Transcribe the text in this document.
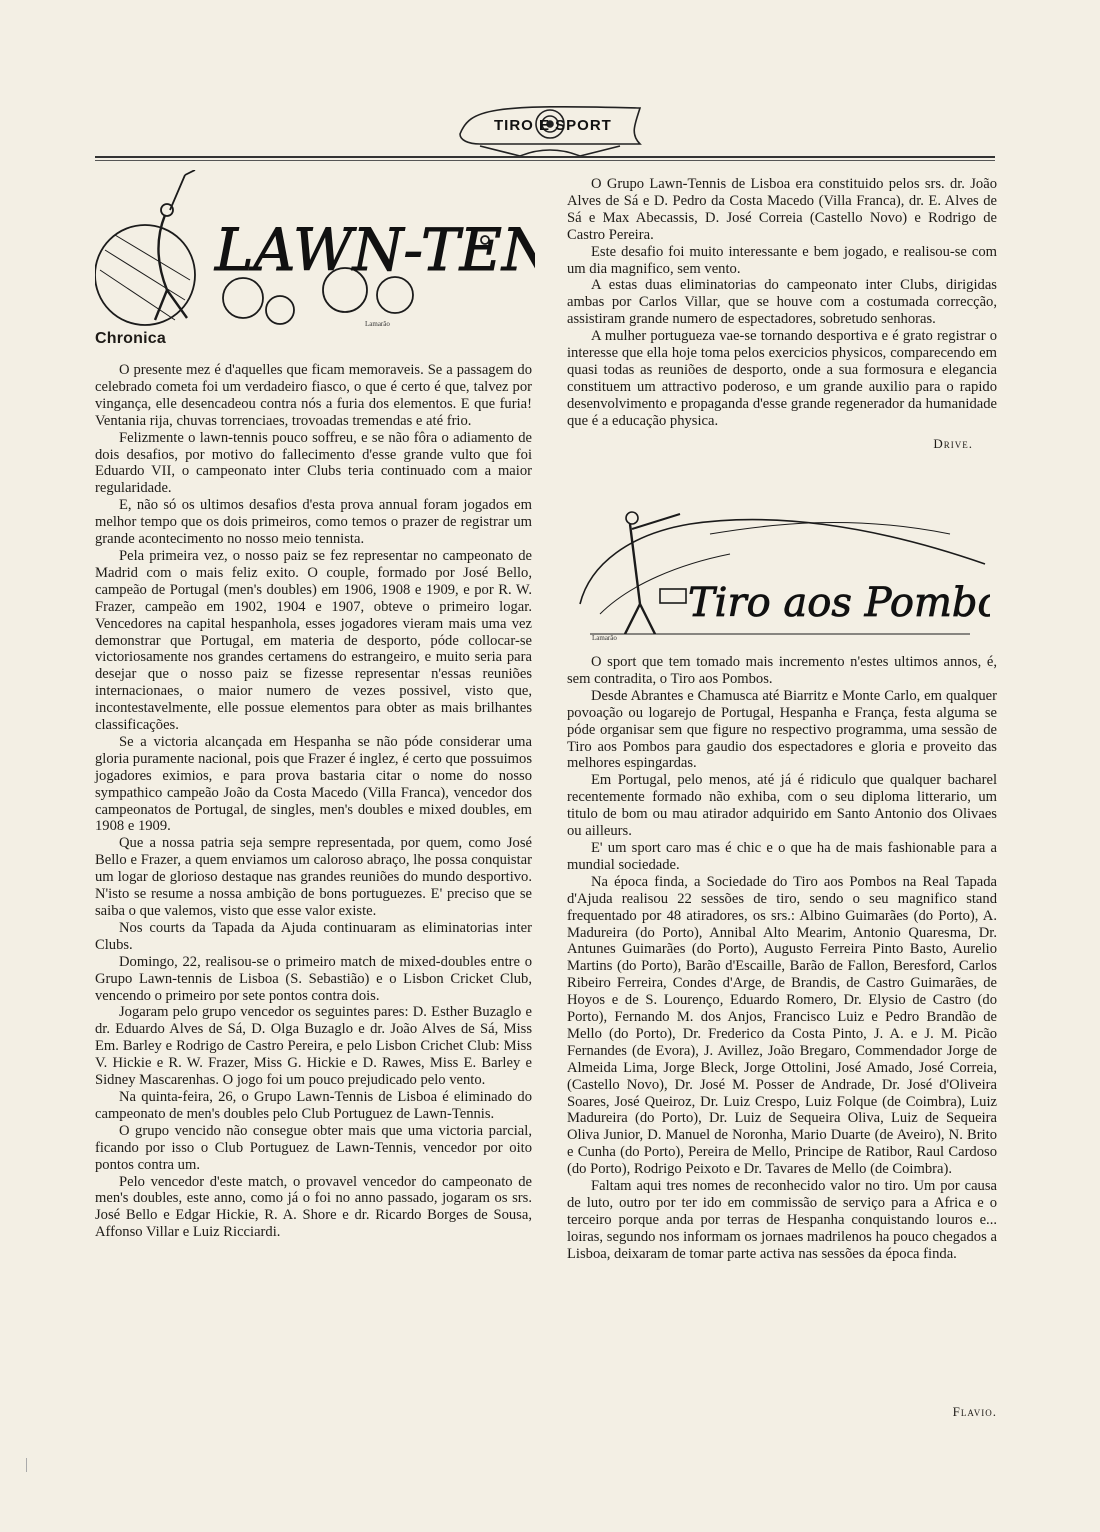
TIRO E SPORT
LAWN-TE
Lamarão
Chronica

O presente mez é d'aquelles que ficam memoraveis. Se a passagem do celebrado cometa foi um verdadeiro fiasco, o que é certo é que, talvez por vingança, elle desencadeou contra nós a furia dos elementos. E que furia! Ventania rija, chuvas torrenciaes, trovoadas tremendas e até frio.

Felizmente o lawn-tennis pouco soffreu, e se não fôra o adiamento de dois desafios, por motivo do fallecimento d'esse grande vulto que foi Eduardo VII, o campeonato inter Clubs teria continuado com a maior regularidade.

E, não só os ultimos desafios d'esta prova annual foram jogados em melhor tempo que os dois primeiros, como temos o prazer de registrar um grande acontecimento no nosso meio tennista.

Pela primeira vez, o nosso paiz se fez representar no campeonato de Madrid com o mais feliz exito. O couple, formado por José Bello, campeão de Portugal (men's doubles) em 1906, 1908 e 1909, e por R. W. Frazer, campeão em 1902, 1904 e 1907, obteve o primeiro logar. Vencedores na capital hespanhola, esses jogadores vieram mais uma vez demonstrar que Portugal, em materia de desporto, póde collocar-se victoriosamente nos grandes certamens do estrangeiro, e muito seria para desejar que o nosso paiz se fizesse representar n'essas reuniões internacionaes, o maior numero de vezes possivel, visto que, incontestavelmente, elle possue elementos para obter as mais brilhantes classificações.

Se a victoria alcançada em Hespanha se não póde considerar uma gloria puramente nacional, pois que Frazer é inglez, é certo que possuimos jogadores eximios, e para prova bastaria citar o nome do nosso sympathico campeão João da Costa Macedo (Villa Franca), vencedor dos campeonatos de Portugal, de singles, men's doubles e mixed doubles, em 1908 e 1909.

Que a nossa patria seja sempre representada, por quem, como José Bello e Frazer, a quem enviamos um caloroso abraço, lhe possa conquistar um logar de glorioso destaque nas grandes reuniões do mundo desportivo. N'isto se resume a nossa ambição de bons portuguezes. E' preciso que se saiba o que valemos, visto que esse valor existe.

Nos courts da Tapada da Ajuda continuaram as eliminatorias inter Clubs.

Domingo, 22, realisou-se o primeiro match de mixed-doubles entre o Grupo Lawn-tennis de Lisboa (S. Sebastião) e o Lisbon Cricket Club, vencendo o primeiro por sete pontos contra dois.

Jogaram pelo grupo vencedor os seguintes pares: D. Esther Buzaglo e dr. Eduardo Alves de Sá, D. Olga Buzaglo e dr. João Alves de Sá, Miss Em. Barley e Rodrigo de Castro Pereira, e pelo Lisbon Crichet Club: Miss V. Hickie e R. W. Frazer, Miss G. Hickie e D. Rawes, Miss E. Barley e Sidney Mascarenhas. O jogo foi um pouco prejudicado pelo vento.

Na quinta-feira, 26, o Grupo Lawn-Tennis de Lisboa é eliminado do campeonato de men's doubles pelo Club Portuguez de Lawn-Tennis.

O grupo vencido não consegue obter mais que uma victoria parcial, ficando por isso o Club Portuguez de Lawn-Tennis, vencedor por oito pontos contra um.

Pelo vencedor d'este match, o provavel vencedor do campeonato de men's doubles, este anno, como já o foi no anno passado, jogaram os srs. José Bello e Edgar Hickie, R. A. Shore e dr. Ricardo Borges de Sousa, Affonso Villar e Luiz Ricciardi.

O Grupo Lawn-Tennis de Lisboa era constituido pelos srs. dr. João Alves de Sá e D. Pedro da Costa Macedo (Villa Franca), dr. E. Alves de Sá e Max Abecassis, D. José Correia (Castello Novo) e Rodrigo de Castro Pereira.

Este desafio foi muito interessante e bem jogado, e realisou-se com um dia magnifico, sem vento.

A estas duas eliminatorias do campeonato inter Clubs, dirigidas ambas por Carlos Villar, que se houve com a costumada correcção, assistiram grande numero de espectadores, sobretudo senhoras.

A mulher portugueza vae-se tornando desportiva e é grato registrar o interesse que ella hoje toma pelos exercicios physicos, comparecendo em quasi todas as reuniões de desporto, onde a sua formosura e elegancia constituem um attractivo poderoso, e um grande auxilio para o rapido desenvolvimento e propaganda d'esse grande regenerador da humanidade que é a educação physica.

Drive.
Tiro aos Pombos
Lamarão

O sport que tem tomado mais incremento n'estes ultimos annos, é, sem contradita, o Tiro aos Pombos.

Desde Abrantes e Chamusca até Biarritz e Monte Carlo, em qualquer povoação ou logarejo de Portugal, Hespanha e França, festa alguma se póde organisar sem que figure no respectivo programma, uma sessão de Tiro aos Pombos para gaudio dos espectadores e gloria e proveito das melhores espingardas.

Em Portugal, pelo menos, até já é ridiculo que qualquer bacharel recentemente formado não exhiba, com o seu diploma litterario, um titulo de bom ou mau atirador adquirido em Santo Antonio dos Olivaes ou ailleurs.

E' um sport caro mas é chic e o que ha de mais fashionable para a mundial sociedade.

Na época finda, a Sociedade do Tiro aos Pombos na Real Tapada d'Ajuda realisou 22 sessões de tiro, sendo o seu magnifico stand frequentado por 48 atiradores, os srs.: Albino Guimarães (do Porto), A. Madureira (do Porto), Annibal Alto Mearim, Antonio Quaresma, Dr. Antunes Guimarães (do Porto), Augusto Ferreira Pinto Basto, Aurelio Martins (do Porto), Barão d'Escaille, Barão de Fallon, Beresford, Carlos Ribeiro Ferreira, Condes d'Arge, de Brandis, de Castro Guimarães, de Hoyos e de S. Lourenço, Eduardo Romero, Dr. Elysio de Castro (do Porto), Fernando M. dos Anjos, Francisco Luiz e Pedro Brandão de Mello (do Porto), Dr. Frederico da Costa Pinto, J. A. e J. M. Picão Fernandes (de Evora), J. Avillez, João Bregaro, Commendador Jorge de Almeida Lima, Jorge Bleck, Jorge Ottolini, José Amado, José Correia, (Castello Novo), Dr. José M. Posser de Andrade, Dr. José d'Oliveira Soares, José Queiroz, Dr. Luiz Crespo, Luiz Folque (de Coimbra), Luiz Madureira (do Porto), Dr. Luiz de Sequeira Oliva, Luiz de Sequeira Oliva Junior, D. Manuel de Noronha, Mario Duarte (de Aveiro), N. Brito e Cunha (do Porto), Pereira de Mello, Principe de Ratibor, Raul Cardoso (do Porto), Rodrigo Peixoto e Dr. Tavares de Mello (de Coimbra).

Faltam aqui tres nomes de reconhecido valor no tiro. Um por causa de luto, outro por ter ido em commissão de serviço para a Africa e o terceiro porque anda por terras de Hespanha conquistando louros e... loiras, segundo nos informam os jornaes madrilenos ha pouco chegados a Lisboa, deixaram de tomar parte activa nas sessões da época finda.

Flavio.
